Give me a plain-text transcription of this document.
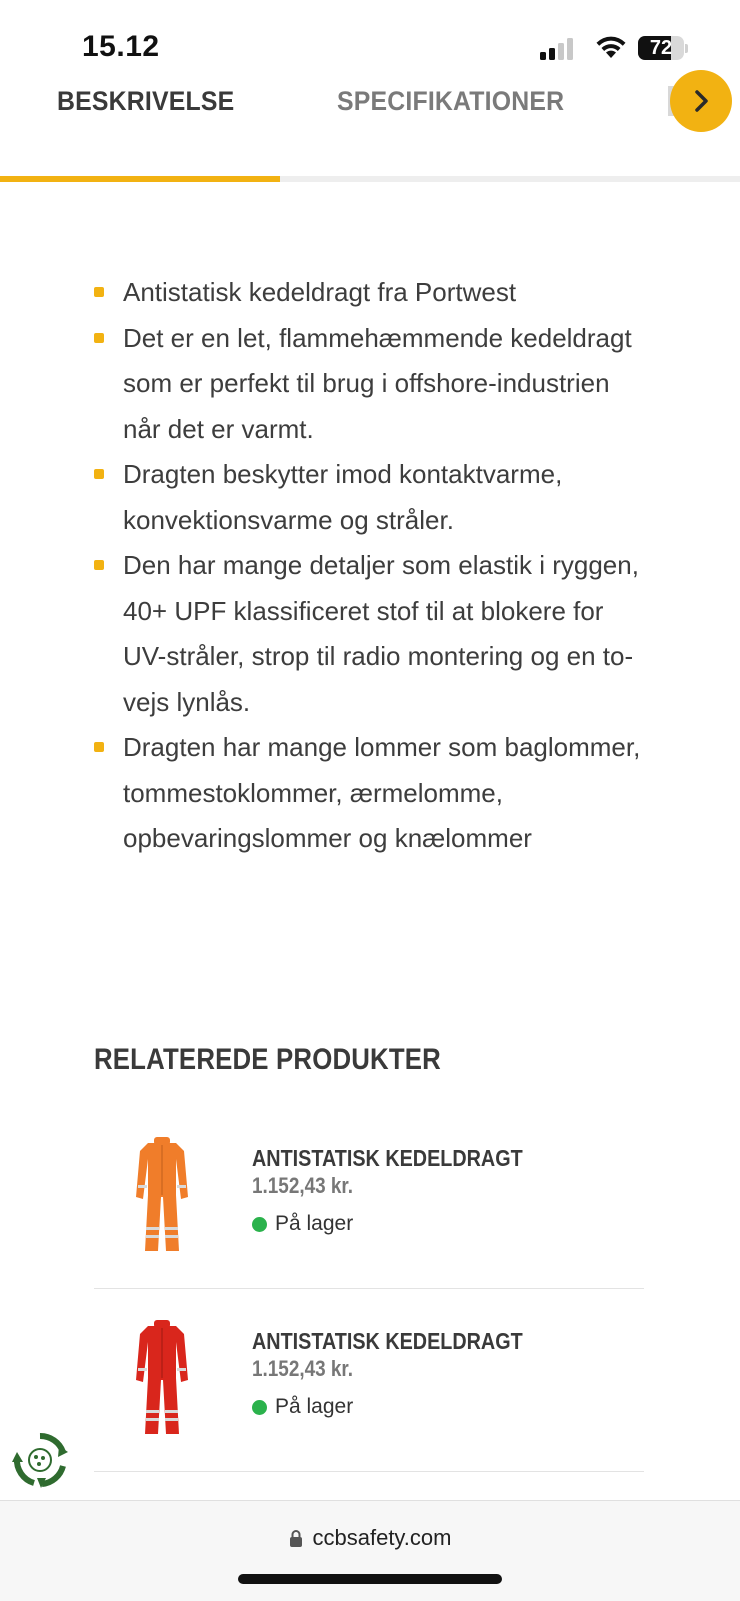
15.12	72
BESKRIVELSE	SPECIFIKATIONER
Antistatisk kedeldragt fra Portwest
Det er en let, flammehæmmende kedeldragt som er perfekt til brug i offshore-industrien når det er varmt.
Dragten beskytter imod kontaktvarme, konvektionsvarme og stråler.
Den har mange detaljer som elastik i ryggen, 40+ UPF klassificeret stof til at blokere for UV-stråler, strop til radio montering og en to-vejs lynlås.
Dragten har mange lommer som baglommer, tommestoklommer, ærmelomme, opbevaringslommer og knælommer
RELATEREDE PRODUKTER
ANTISTATISK KEDELDRAGT
1.152,43 kr.
På lager
ANTISTATISK KEDELDRAGT
1.152,43 kr.
På lager
ccbsafety.com
